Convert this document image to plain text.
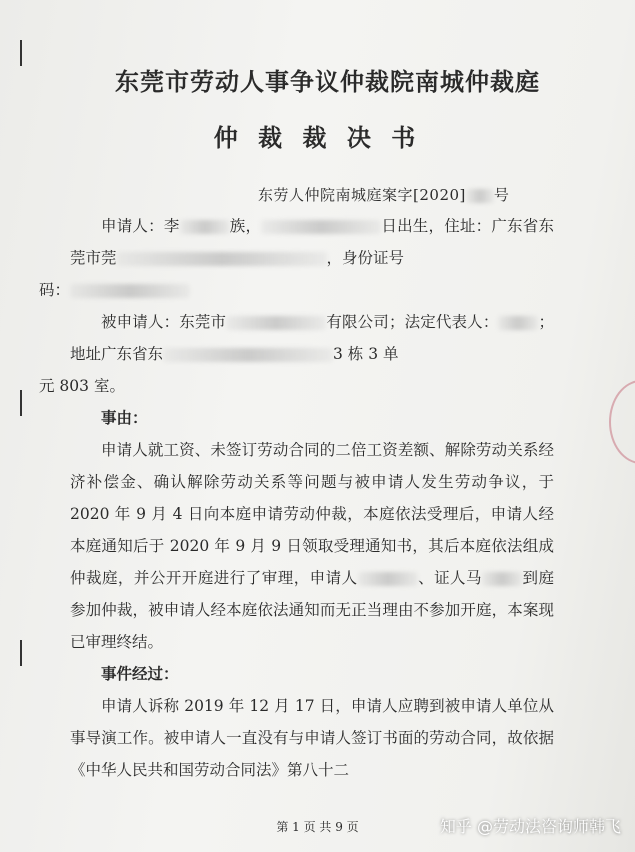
东莞市劳动人事争议仲裁院南城仲裁庭
仲 裁 裁 决 书
东劳人仲院南城庭案字[2020] 号

申请人：李	族，	日出生，住址：广东省东莞市莞	，身份证号
码：

被申请人：东莞市	有限公司；法定代表人：	；地址广东省东	3 栋 3 单
元 803 室。

事由：

申请人就工资、未签订劳动合同的二倍工资差额、解除劳动关系经济补偿金、确认解除劳动关系等问题与被申请人发生劳动争议，于 2020 年 9 月 4 日向本庭申请劳动仲裁，本庭依法受理后，申请人经本庭通知后于 2020 年 9 月 9 日领取受理通知书，其后本庭依法组成仲裁庭，并公开开庭进行了审理，申请人	、证人马	到庭参加仲裁，被申请人经本庭依法通知而无正当理由不参加开庭，本案现已审理终结。

事件经过：

申请人诉称 2019 年 12 月 17 日，申请人应聘到被申请人单位从事导演工作。被申请人一直没有与申请人签订书面的劳动合同，故依据《中华人民共和国劳动合同法》第八十二

第 1 页 共 9 页	知乎 @劳动法咨询师韩飞
